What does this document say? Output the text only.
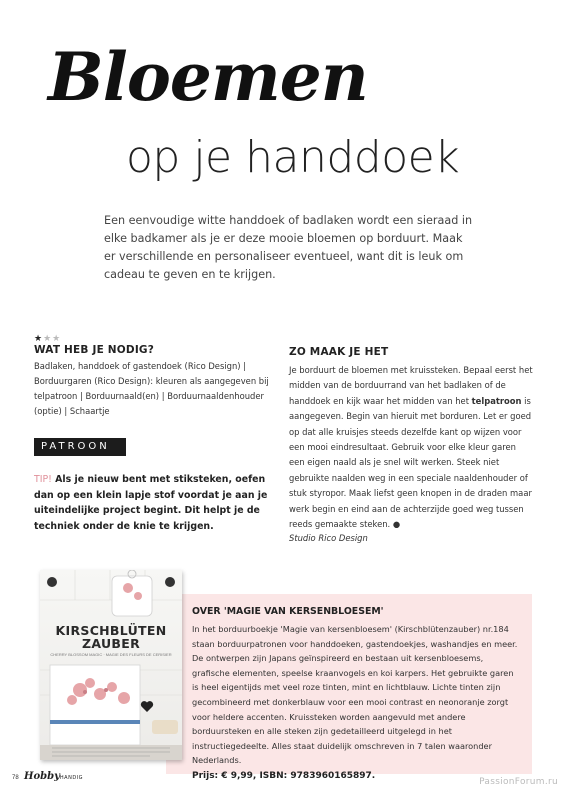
Bloemen
op je handdoek

Een eenvoudige witte handdoek of badlaken wordt een sieraad in elke badkamer als je er deze mooie bloemen op borduurt. Maak er verschillende en personaliseer eventueel, want dit is leuk om cadeau te geven en te krijgen.

★★★
WAT HEB JE NODIG?

Badlaken, handdoek of gastendoek (Rico Design) | Borduurgaren (Rico Design): kleuren als aangegeven bij telpatroon | Borduurnaald(en) | Borduurnaaldenhouder (optie) | Schaartje

PATROON

TIP! Als je nieuw bent met stiksteken, oefen dan op een klein lapje stof voordat je aan je uiteindelijke project begint. Dit helpt je de techniek onder de knie te krijgen.

ZO MAAK JE HET

Je borduurt de bloemen met kruissteken. Bepaal eerst het midden van de borduurrand van het badlaken of de handdoek en kijk waar het midden van het telpatroon is aangegeven. Begin van hieruit met borduren. Let er goed op dat alle kruisjes steeds dezelfde kant op wijzen voor een mooi eindresultaat. Gebruik voor elke kleur garen een eigen naald als je snel wilt werken. Steek niet gebruikte naalden weg in een speciale naaldenhouder of stuk styropor. Maak liefst geen knopen in de draden maar werk begin en eind aan de achterzijde goed weg tussen reeds gemaakte steken. ●

Studio Rico Design
OVER 'MAGIE VAN KERSENBLOESEM'
In het borduurboekje 'Magie van kersenbloesem' (Kirschblütenzauber) nr.184 staan borduurpatronen voor handdoeken, gastendoekjes, washandjes en meer. De ontwerpen zijn Japans geïnspireerd en bestaan uit kersenbloesems, grafische elementen, speelse kraanvogels en koi karpers. Het gebruikte garen is heel eigentijds met veel roze tinten, mint en lichtblauw. Lichte tinten zijn gecombineerd met donkerblauw voor een mooi contrast en neonoranje zorgt voor heldere accenten. Kruissteken worden aangevuld met andere borduursteken en alle steken zijn gedetailleerd uitgelegd in het instructiegedeelte. Alles staat duidelijk omschreven in 7 talen waaronder Nederlands.
Prijs: € 9,99, ISBN: 9783960165897.
KIRSCHBLÜTEN
ZAUBER
CHERRY BLOSSOM MAGIC · MAGIE DES FLEURS DE CERISIER
78 HobbyHANDIG	PassionForum.ru
